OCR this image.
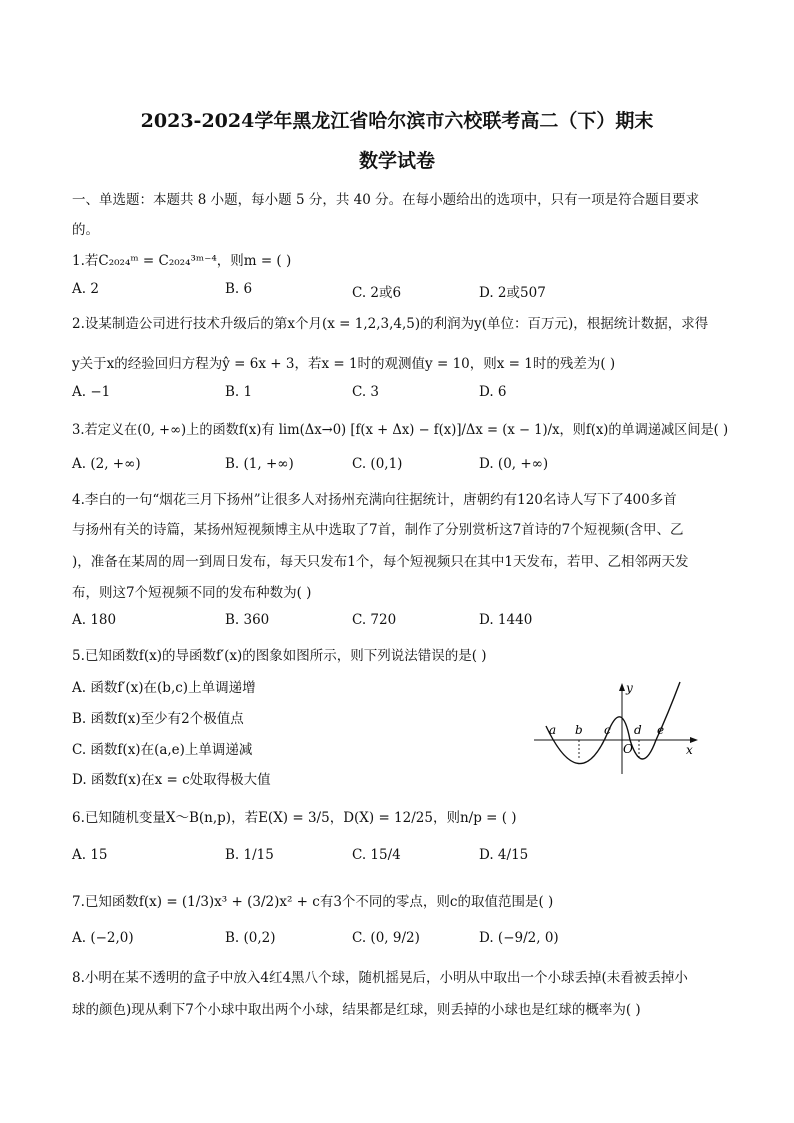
2023-2024学年黑龙江省哈尔滨市六校联考高二（下）期末
数学试卷
一、单选题：本题共 8 小题，每小题 5 分，共 40 分。在每小题给出的选项中，只有一项是符合题目要求
的。
1.若C₂₀₂₄ᵐ = C₂₀₂₄³ᵐ⁻⁴，则m = ( )
A. 2	B. 6	C. 2或6	D. 2或507
2.设某制造公司进行技术升级后的第x个月(x = 1,2,3,4,5)的利润为y(单位：百万元)，根据统计数据，求得
y关于x的经验回归方程为ŷ = 6x + 3，若x = 1时的观测值y = 10，则x = 1时的残差为( )
A. −1	B. 1	C. 3	D. 6
3.若定义在(0, +∞)上的函数f(x)有 lim(Δx→0) [f(x + Δx) − f(x)]/Δx = (x − 1)/x，则f(x)的单调递减区间是( )
A. (2, +∞)	B. (1, +∞)	C. (0,1)	D. (0, +∞)
4.李白的一句“烟花三月下扬州”让很多人对扬州充满向往据统计，唐朝约有120名诗人写下了400多首
与扬州有关的诗篇，某扬州短视频博主从中选取了7首，制作了分别赏析这7首诗的7个短视频(含甲、乙
)，准备在某周的周一到周日发布，每天只发布1个，每个短视频只在其中1天发布，若甲、乙相邻两天发
布，则这7个短视频不同的发布种数为( )
A. 180	B. 360	C. 720	D. 1440
5.已知函数f(x)的导函数f′(x)的图象如图所示，则下列说法错误的是( )
A. 函数f′(x)在(b,c)上单调递增
B. 函数f(x)至少有2个极值点
C. 函数f(x)在(a,e)上单调递减
D. 函数f(x)在x = c处取得极大值
y
x
O
a b c d e
6.已知随机变量X～B(n,p)，若E(X) = 3/5，D(X) = 12/25，则n/p = ( )
A. 15	B. 1/15	C. 15/4	D. 4/15
7.已知函数f(x) = (1/3)x³ + (3/2)x² + c有3个不同的零点，则c的取值范围是( )
A. (−2,0)	B. (0,2)	C. (0, 9/2)	D. (−9/2, 0)
8.小明在某不透明的盒子中放入4红4黑八个球，随机摇晃后，小明从中取出一个小球丢掉(未看被丢掉小
球的颜色)现从剩下7个小球中取出两个小球，结果都是红球，则丢掉的小球也是红球的概率为( )
